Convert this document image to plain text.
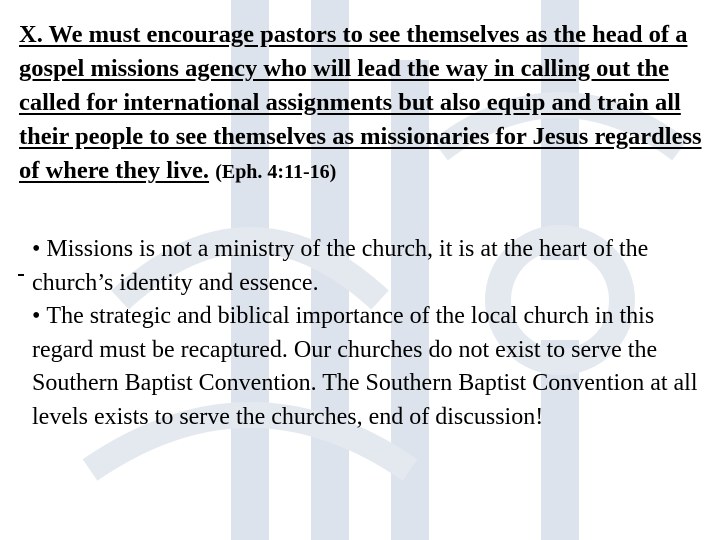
X. We must encourage pastors to see themselves as the head of a gospel missions agency who will lead the way in calling out the called for international assignments but also equip and train all their people to see themselves as missionaries for Jesus regardless of where they live. (Eph. 4:11-16)

• Missions is not a ministry of the church, it is at the heart of the church’s identity and essence.

• The strategic and biblical importance of the local church in this regard must be recaptured. Our churches do not exist to serve the Southern Baptist Convention. The Southern Baptist Convention at all levels exists to serve the churches, end of discussion!
